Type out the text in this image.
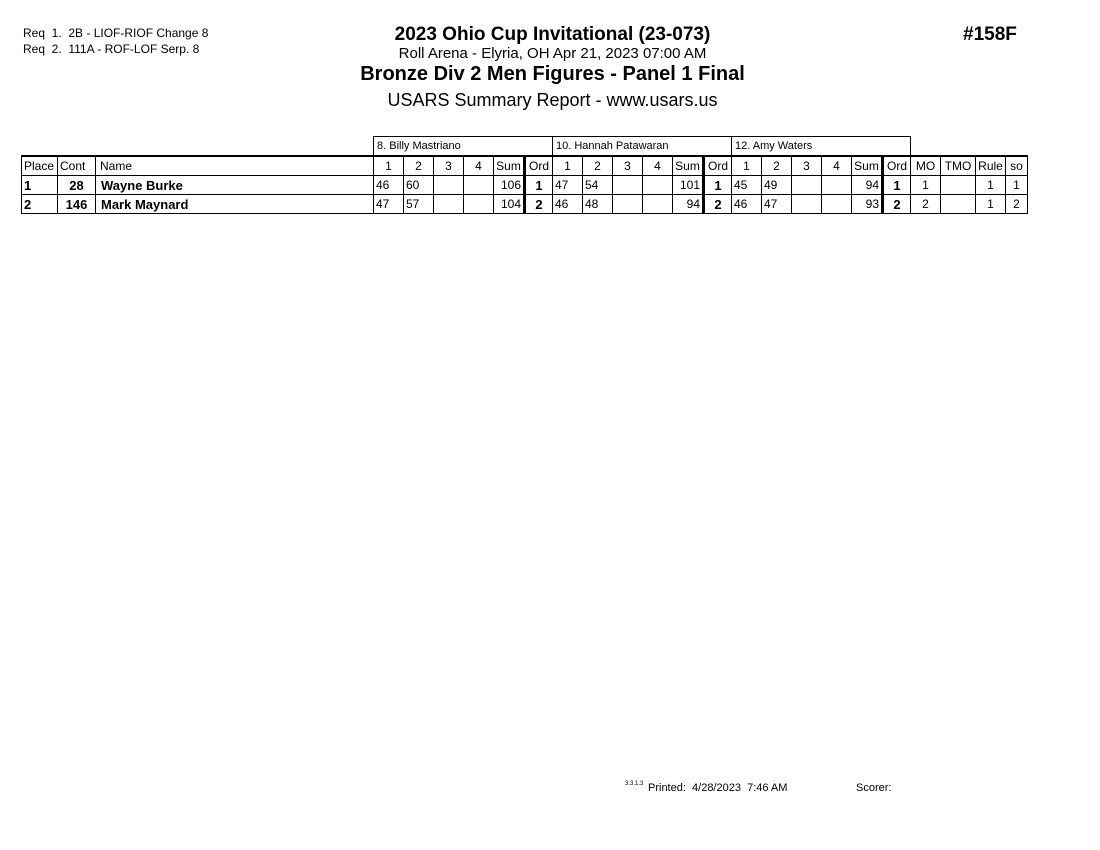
Req  1.  2B - LIOF-RIOF Change 8
Req  2.  111A - ROF-LOF Serp. 8
2023 Ohio Cup Invitational (23-073)
Roll Arena - Elyria, OH Apr 21, 2023 07:00 AM
Bronze Div 2 Men Figures - Panel 1 Final
USARS Summary Report - www.usars.us
#158F
			8. Billy Mastriano						10. Hannah Patawaran						12. Amy Waters									
Place	Cont	Name	1	2	3	4	Sum	Ord	1	2	3	4	Sum	Ord	1	2	3	4	Sum	Ord	MO	TMO	Rule	so
1	28	Wayne Burke	46	60			106	1	47	54			101	1	45	49			94	1	1		1	1
2	146	Mark Maynard	47	57			104	2	46	48			94	2	46	47			93	2	2		1	2
3.3.1.3 Printed:  4/28/2023  7:46 AM	Scorer:
